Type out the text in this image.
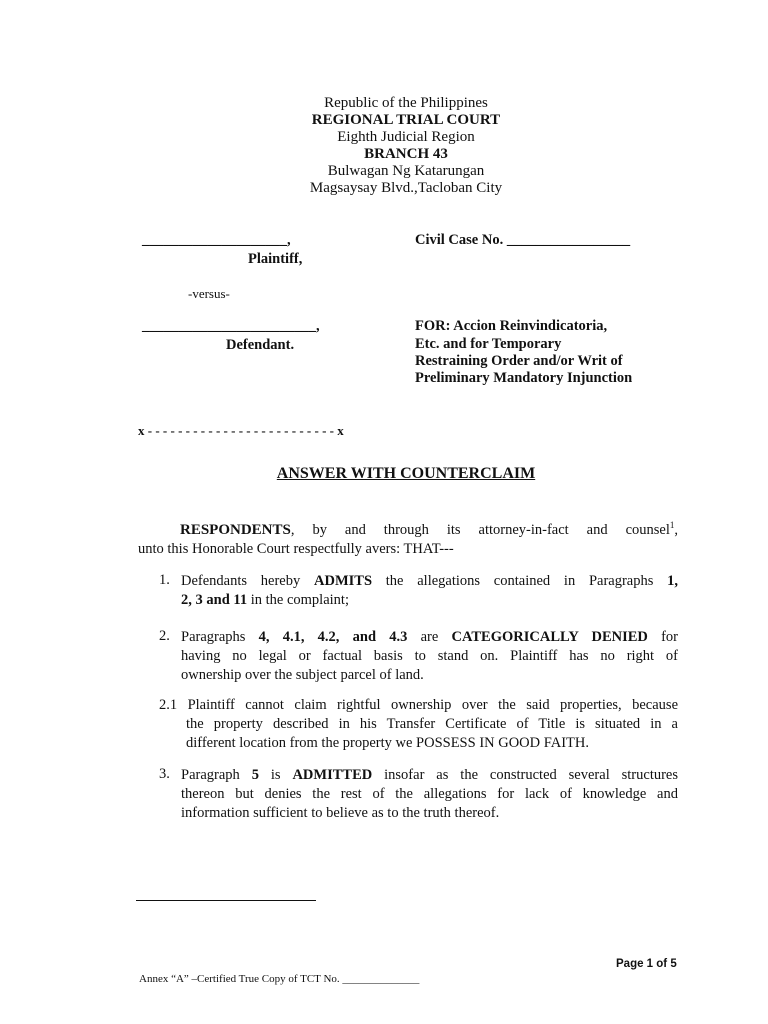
Republic of the Philippines
REGIONAL TRIAL COURT
Eighth Judicial Region
BRANCH 43
Bulwagan Ng Katarungan
Magsaysay Blvd.,Tacloban City
____________________,
Plaintiff,
-versus-
________________________,
Defendant.
Civil Case No. _________________
FOR: Accion Reinvindicatoria,
Etc. and for Temporary
Restraining Order and/or Writ of
Preliminary Mandatory Injunction
x - - - - - - - - - - - - - - - - - - - - - - - - - x
ANSWER WITH COUNTERCLAIM
RESPONDENTS, by and through its attorney-in-fact and counsel$^1$,
unto this Honorable Court respectfully avers: THAT---
1. Defendants hereby ADMITS the allegations contained in Paragraphs 1,
2, 3 and 11 in the complaint;
2. Paragraphs 4, 4.1, 4.2, and 4.3 are CATEGORICALLY DENIED for
having no legal or factual basis to stand on. Plaintiff has no right of
ownership over the subject parcel of land.
2.1 Plaintiff cannot claim rightful ownership over the said properties, because
the property described in his Transfer Certificate of Title is situated in a
different location from the property we POSSESS IN GOOD FAITH.
3. Paragraph 5 is ADMITTED insofar as the constructed several structures
thereon but denies the rest of the allegations for lack of knowledge and
information sufficient to believe as to the truth thereof.
Page 1 of 5
Annex “A” –Certified True Copy of TCT No. ______________
